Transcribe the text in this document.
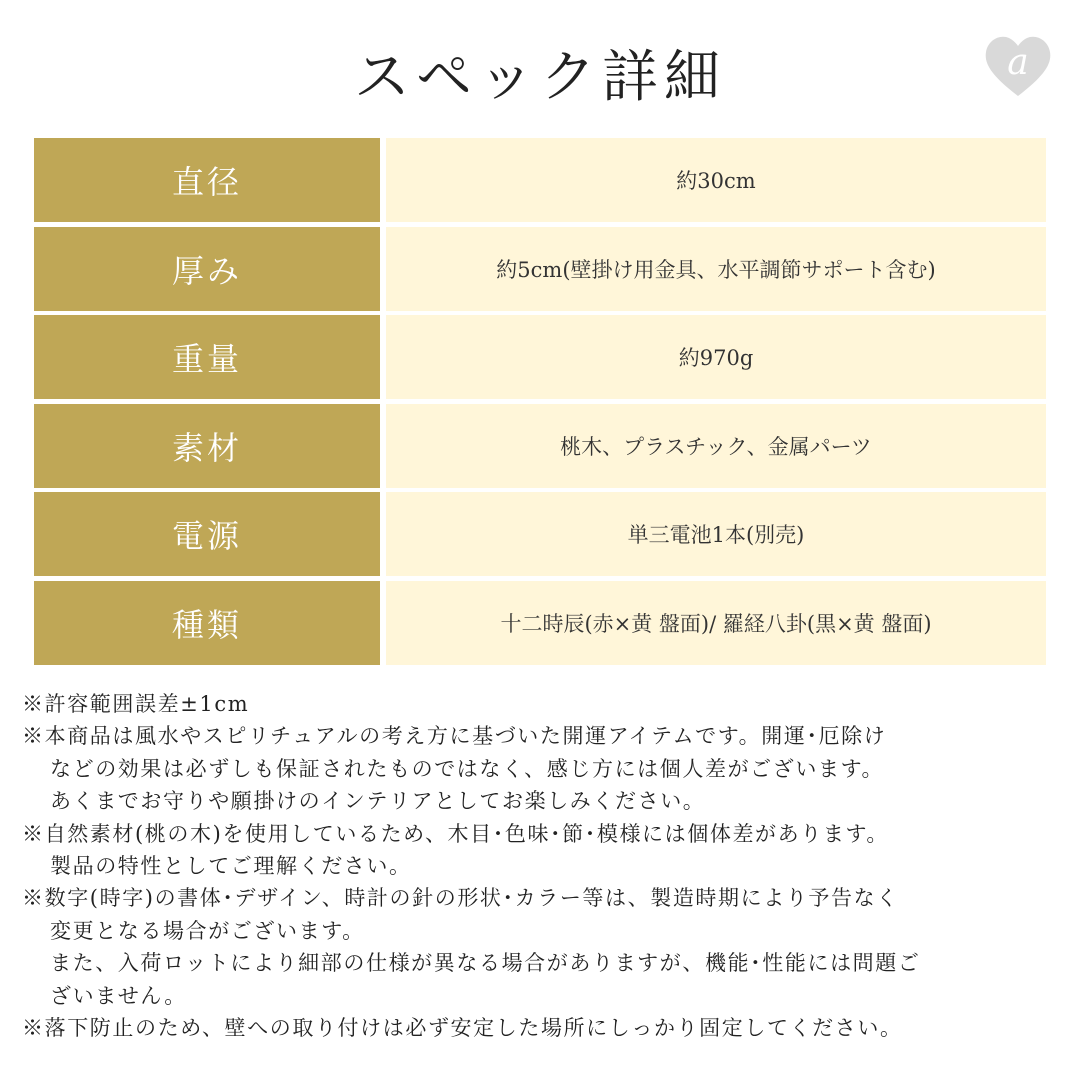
スペック詳細	a
直径	約30cm
厚み	約5cm(壁掛け用金具、水平調節サポート含む)
重量	約970g
素材	桃木、プラスチック、金属パーツ
電源	単三電池1本(別売)
種類	十二時辰(赤×黄 盤面)/ 羅経八卦(黒×黄 盤面)
※許容範囲誤差±1cm
※本商品は風水やスピリチュアルの考え方に基づいた開運アイテムです。開運･厄除け
などの効果は必ずしも保証されたものではなく、感じ方には個人差がございます。
あくまでお守りや願掛けのインテリアとしてお楽しみください。
※自然素材(桃の木)を使用しているため、木目･色味･節･模様には個体差があります。
製品の特性としてご理解ください。
※数字(時字)の書体･デザイン、時計の針の形状･カラー等は、製造時期により予告なく
変更となる場合がございます。
また、入荷ロットにより細部の仕様が異なる場合がありますが、機能･性能には問題ご
ざいません。
※落下防止のため、壁への取り付けは必ず安定した場所にしっかり固定してください。
